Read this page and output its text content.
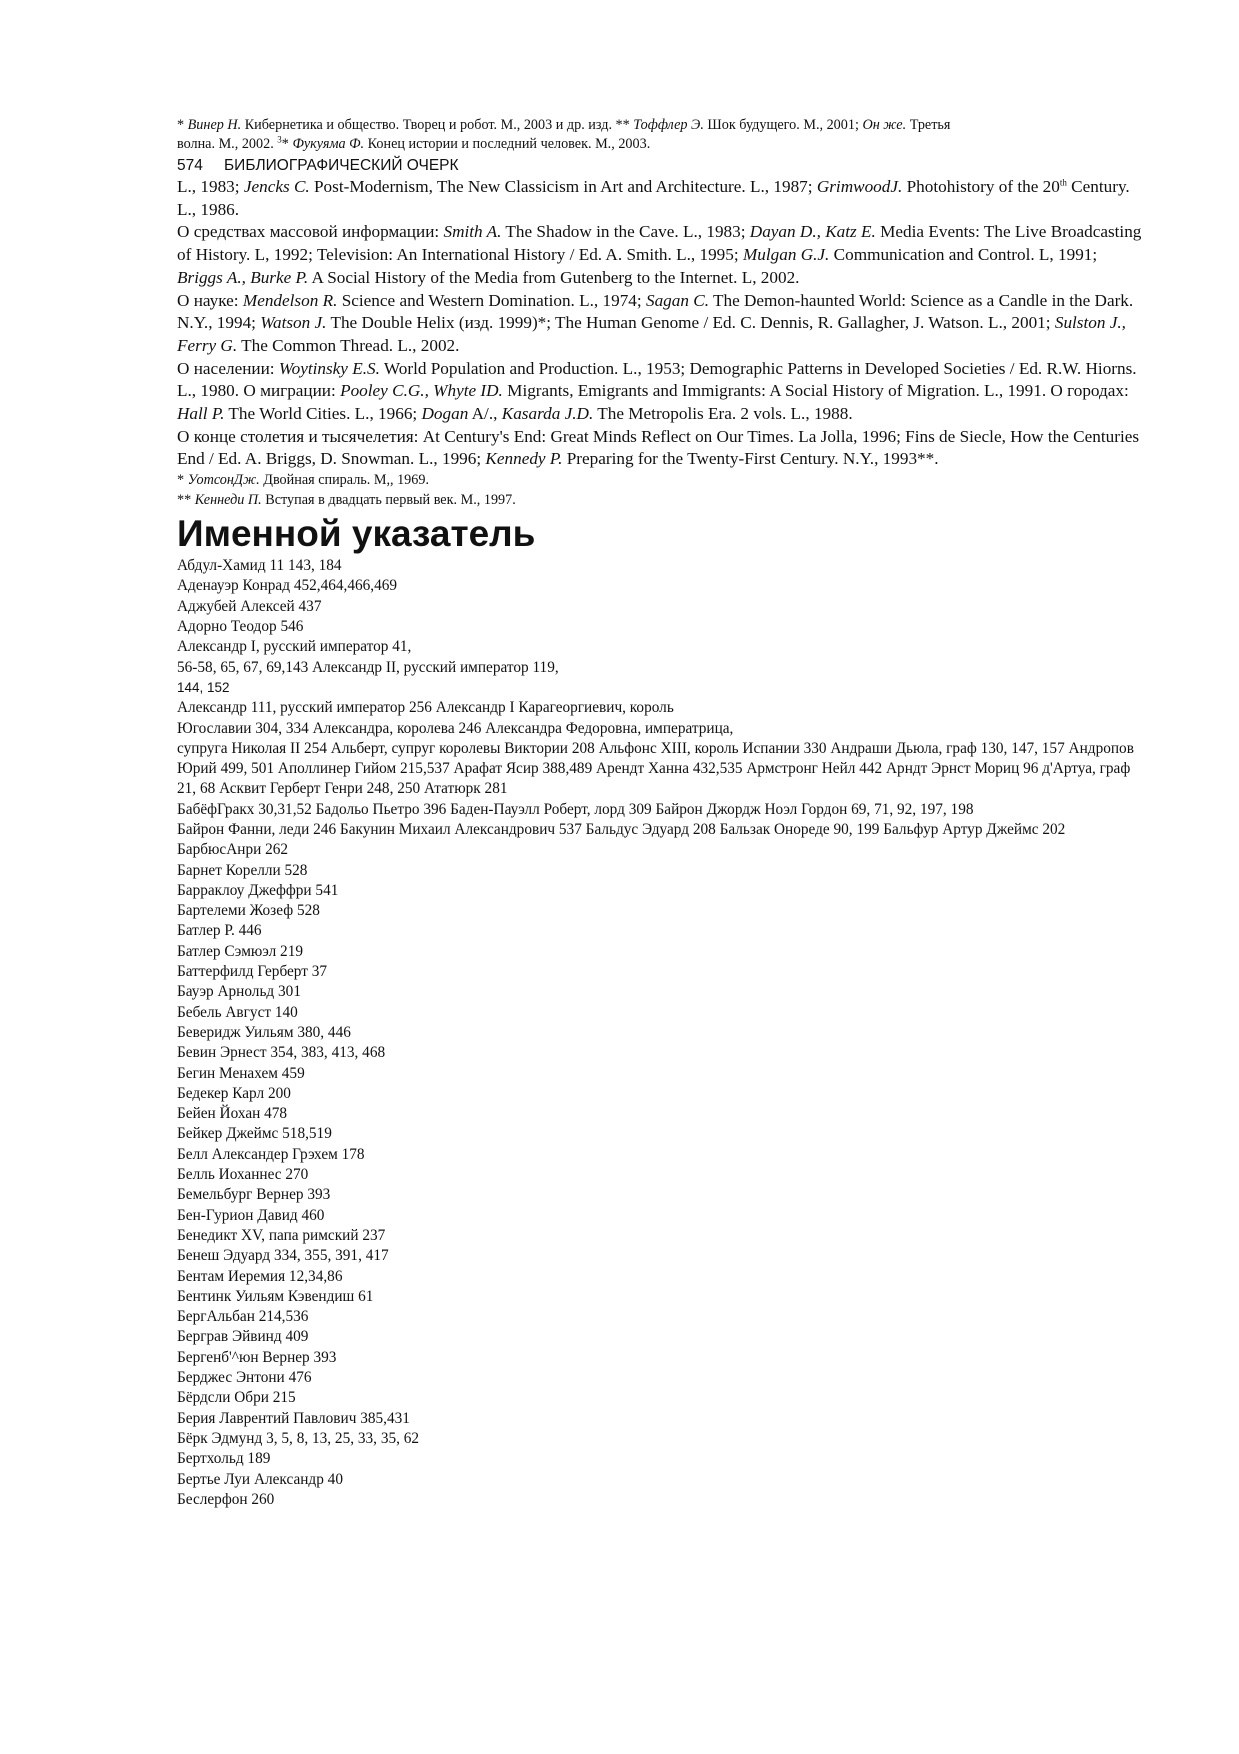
* Винер Н. Кибернетика и общество. Творец и робот. М., 2003 и др. изд. ** Тоффлер Э. Шок будущего. М., 2001; Он же. Третья

волна. М., 2002. $^3$* Фукуяма Ф. Конец истории и последний человек. М., 2003.

574 БИБЛИОГРАФИЧЕСКИЙ ОЧЕРК

L., 1983; Jencks C. Post-Modernism, The New Classicism in Art and Architecture. L., 1987; GrimwoodJ. Photohistory of the 20th Century. L., 1986.

О средствах массовой информации: Smith A. The Shadow in the Cave. L., 1983; Dayan D., Katz E. Media Events: The Live Broadcasting of History. L, 1992; Television: An International History / Ed. A. Smith. L., 1995; Mulgan G.J. Communication and Control. L, 1991; Briggs A., Burke P. A Social History of the Media from Gutenberg to the Internet. L, 2002.

О науке: Mendelson R. Science and Western Domination. L., 1974; Sagan C. The Demon-haunted World: Science as a Candle in the Dark. N.Y., 1994; Watson J. The Double Helix (изд. 1999)*; The Human Genome / Ed. C. Dennis, R. Gallagher, J. Watson. L., 2001; Sulston J., Ferry G. The Common Thread. L., 2002.

О населении: Woytinsky E.S. World Population and Production. L., 1953; Demographic Patterns in Developed Societies / Ed. R.W. Hiorns. L., 1980. О миграции: Pooley C.G., Whyte ID. Migrants, Emigrants and Immigrants: A Social History of Migration. L., 1991. О городах: Hall P. The World Cities. L., 1966; Dogan A/., Kasarda J.D. The Metropolis Era. 2 vols. L., 1988.

О конце столетия и тысячелетия: At Century's End: Great Minds Reflect on Our Times. La Jolla, 1996; Fins de Siecle, How the Centuries End / Ed. A. Briggs, D. Snowman. L., 1996; Kennedy P. Preparing for the Twenty-First Century. N.Y., 1993**.

* УотсонДж. Двойная спираль. М,, 1969.

** Кеннеди П. Вступая в двадцать первый век. М., 1997.

Именной указатель

Абдул-Хамид 11 143, 184

Аденауэр Конрад 452,464,466,469

Аджубей Алексей 437

Адорно Теодор 546

Александр I, русский император 41,

56-58, 65, 67, 69,143 Александр II, русский император 119,

144, 152

Александр 111, русский император 256 Александр I Карагеоргиевич, король

Югославии 304, 334 Александра, королева 246 Александра Федоровна, императрица,

супруга Николая II 254 Альберт, супруг королевы Виктории 208 Альфонс XIII, король Испании 330 Андраши Дьюла, граф 130, 147, 157 Андропов Юрий 499, 501 Аполлинер Гийом 215,537 Арафат Ясир 388,489 Арендт Ханна 432,535 Армстронг Нейл 442 Арндт Эрнст Мориц 96 д'Артуа, граф 21, 68 Асквит Герберт Генри 248, 250 Ататюрк 281

БабёфГракх 30,31,52 Бадольо Пьетро 396 Баден-Пауэлл Роберт, лорд 309 Байрон Джордж Ноэл Гордон 69, 71, 92, 197, 198

Байрон Фанни, леди 246 Бакунин Михаил Александрович 537 Бальдус Эдуард 208 Бальзак Онореде 90, 199 Бальфур Артур Джеймс 202

БарбюсАнри 262

Барнет Корелли 528

Барраклоу Джеффри 541

Бартелеми Жозеф 528

Батлер Р. 446

Батлер Сэмюэл 219

Баттерфилд Герберт 37

Бауэр Арнольд 301

Бебель Август 140

Беверидж Уильям 380, 446

Бевин Эрнест 354, 383, 413, 468

Бегин Менахем 459

Бедекер Карл 200

Бейен Йохан 478

Бейкер Джеймс 518,519

Белл Александер Грэхем 178

Белль Иоханнес 270

Бемельбург Вернер 393

Бен-Гурион Давид 460

Бенедикт XV, папа римский 237

Бенеш Эдуард 334, 355, 391, 417

Бентам Иеремия 12,34,86

Бентинк Уильям Кэвендиш 61

БергАльбан 214,536

Берграв Эйвинд 409

Бергенб'^юн Вернер 393

Берджес Энтони 476

Бёрдсли Обри 215

Берия Лаврентий Павлович 385,431

Бёрк Эдмунд 3, 5, 8, 13, 25, 33, 35, 62

Бертхольд 189

Бертье Луи Александр 40

Беслерфон 260
